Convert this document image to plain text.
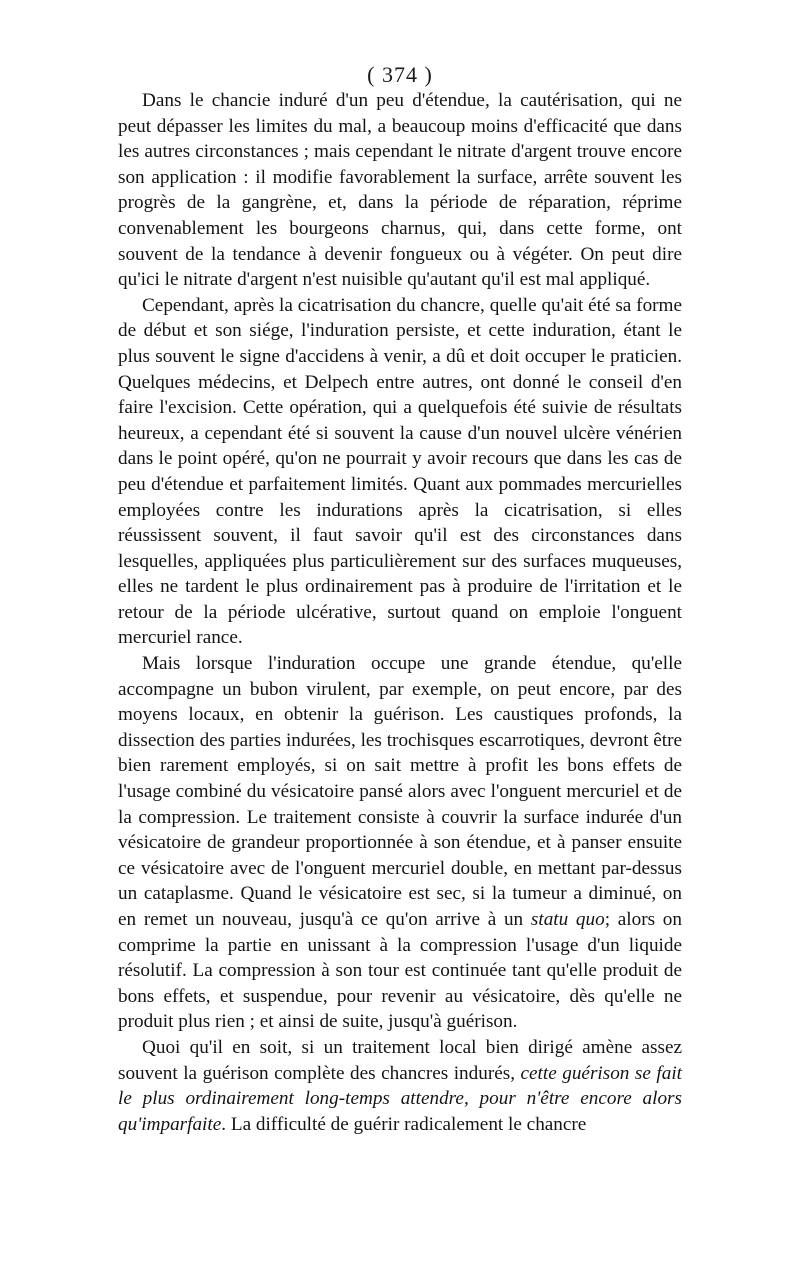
( 374 )

Dans le chancie induré d'un peu d'étendue, la cautérisation, qui ne peut dépasser les limites du mal, a beaucoup moins d'efficacité que dans les autres circonstances ; mais cependant le nitrate d'argent trouve encore son application : il modifie favorablement la surface, arrête souvent les progrès de la gangrène, et, dans la période de réparation, réprime convenablement les bourgeons charnus, qui, dans cette forme, ont souvent de la tendance à devenir fongueux ou à végéter. On peut dire qu'ici le nitrate d'argent n'est nuisible qu'autant qu'il est mal appliqué.

Cependant, après la cicatrisation du chancre, quelle qu'ait été sa forme de début et son siége, l'induration persiste, et cette induration, étant le plus souvent le signe d'accidens à venir, a dû et doit occuper le praticien. Quelques médecins, et Delpech entre autres, ont donné le conseil d'en faire l'excision. Cette opération, qui a quelquefois été suivie de résultats heureux, a cependant été si souvent la cause d'un nouvel ulcère vénérien dans le point opéré, qu'on ne pourrait y avoir recours que dans les cas de peu d'étendue et parfaitement limités. Quant aux pommades mercurielles employées contre les indurations après la cicatrisation, si elles réussissent souvent, il faut savoir qu'il est des circonstances dans lesquelles, appliquées plus particulièrement sur des surfaces muqueuses, elles ne tardent le plus ordinairement pas à produire de l'irritation et le retour de la période ulcérative, surtout quand on emploie l'onguent mercuriel rance.

Mais lorsque l'induration occupe une grande étendue, qu'elle accompagne un bubon virulent, par exemple, on peut encore, par des moyens locaux, en obtenir la guérison. Les caustiques profonds, la dissection des parties indurées, les trochisques escarrotiques, devront être bien rarement employés, si on sait mettre à profit les bons effets de l'usage combiné du vésicatoire pansé alors avec l'onguent mercuriel et de la compression. Le traitement consiste à couvrir la surface indurée d'un vésicatoire de grandeur proportionnée à son étendue, et à panser ensuite ce vésicatoire avec de l'onguent mercuriel double, en mettant par-dessus un cataplasme. Quand le vésicatoire est sec, si la tumeur a diminué, on en remet un nouveau, jusqu'à ce qu'on arrive à un statu quo; alors on comprime la partie en unissant à la compression l'usage d'un liquide résolutif. La compression à son tour est continuée tant qu'elle produit de bons effets, et suspendue, pour revenir au vésicatoire, dès qu'elle ne produit plus rien ; et ainsi de suite, jusqu'à guérison.

Quoi qu'il en soit, si un traitement local bien dirigé amène assez souvent la guérison complète des chancres indurés, cette guérison se fait le plus ordinairement long-temps attendre, pour n'être encore alors qu'imparfaite. La difficulté de guérir radicalement le chancre
